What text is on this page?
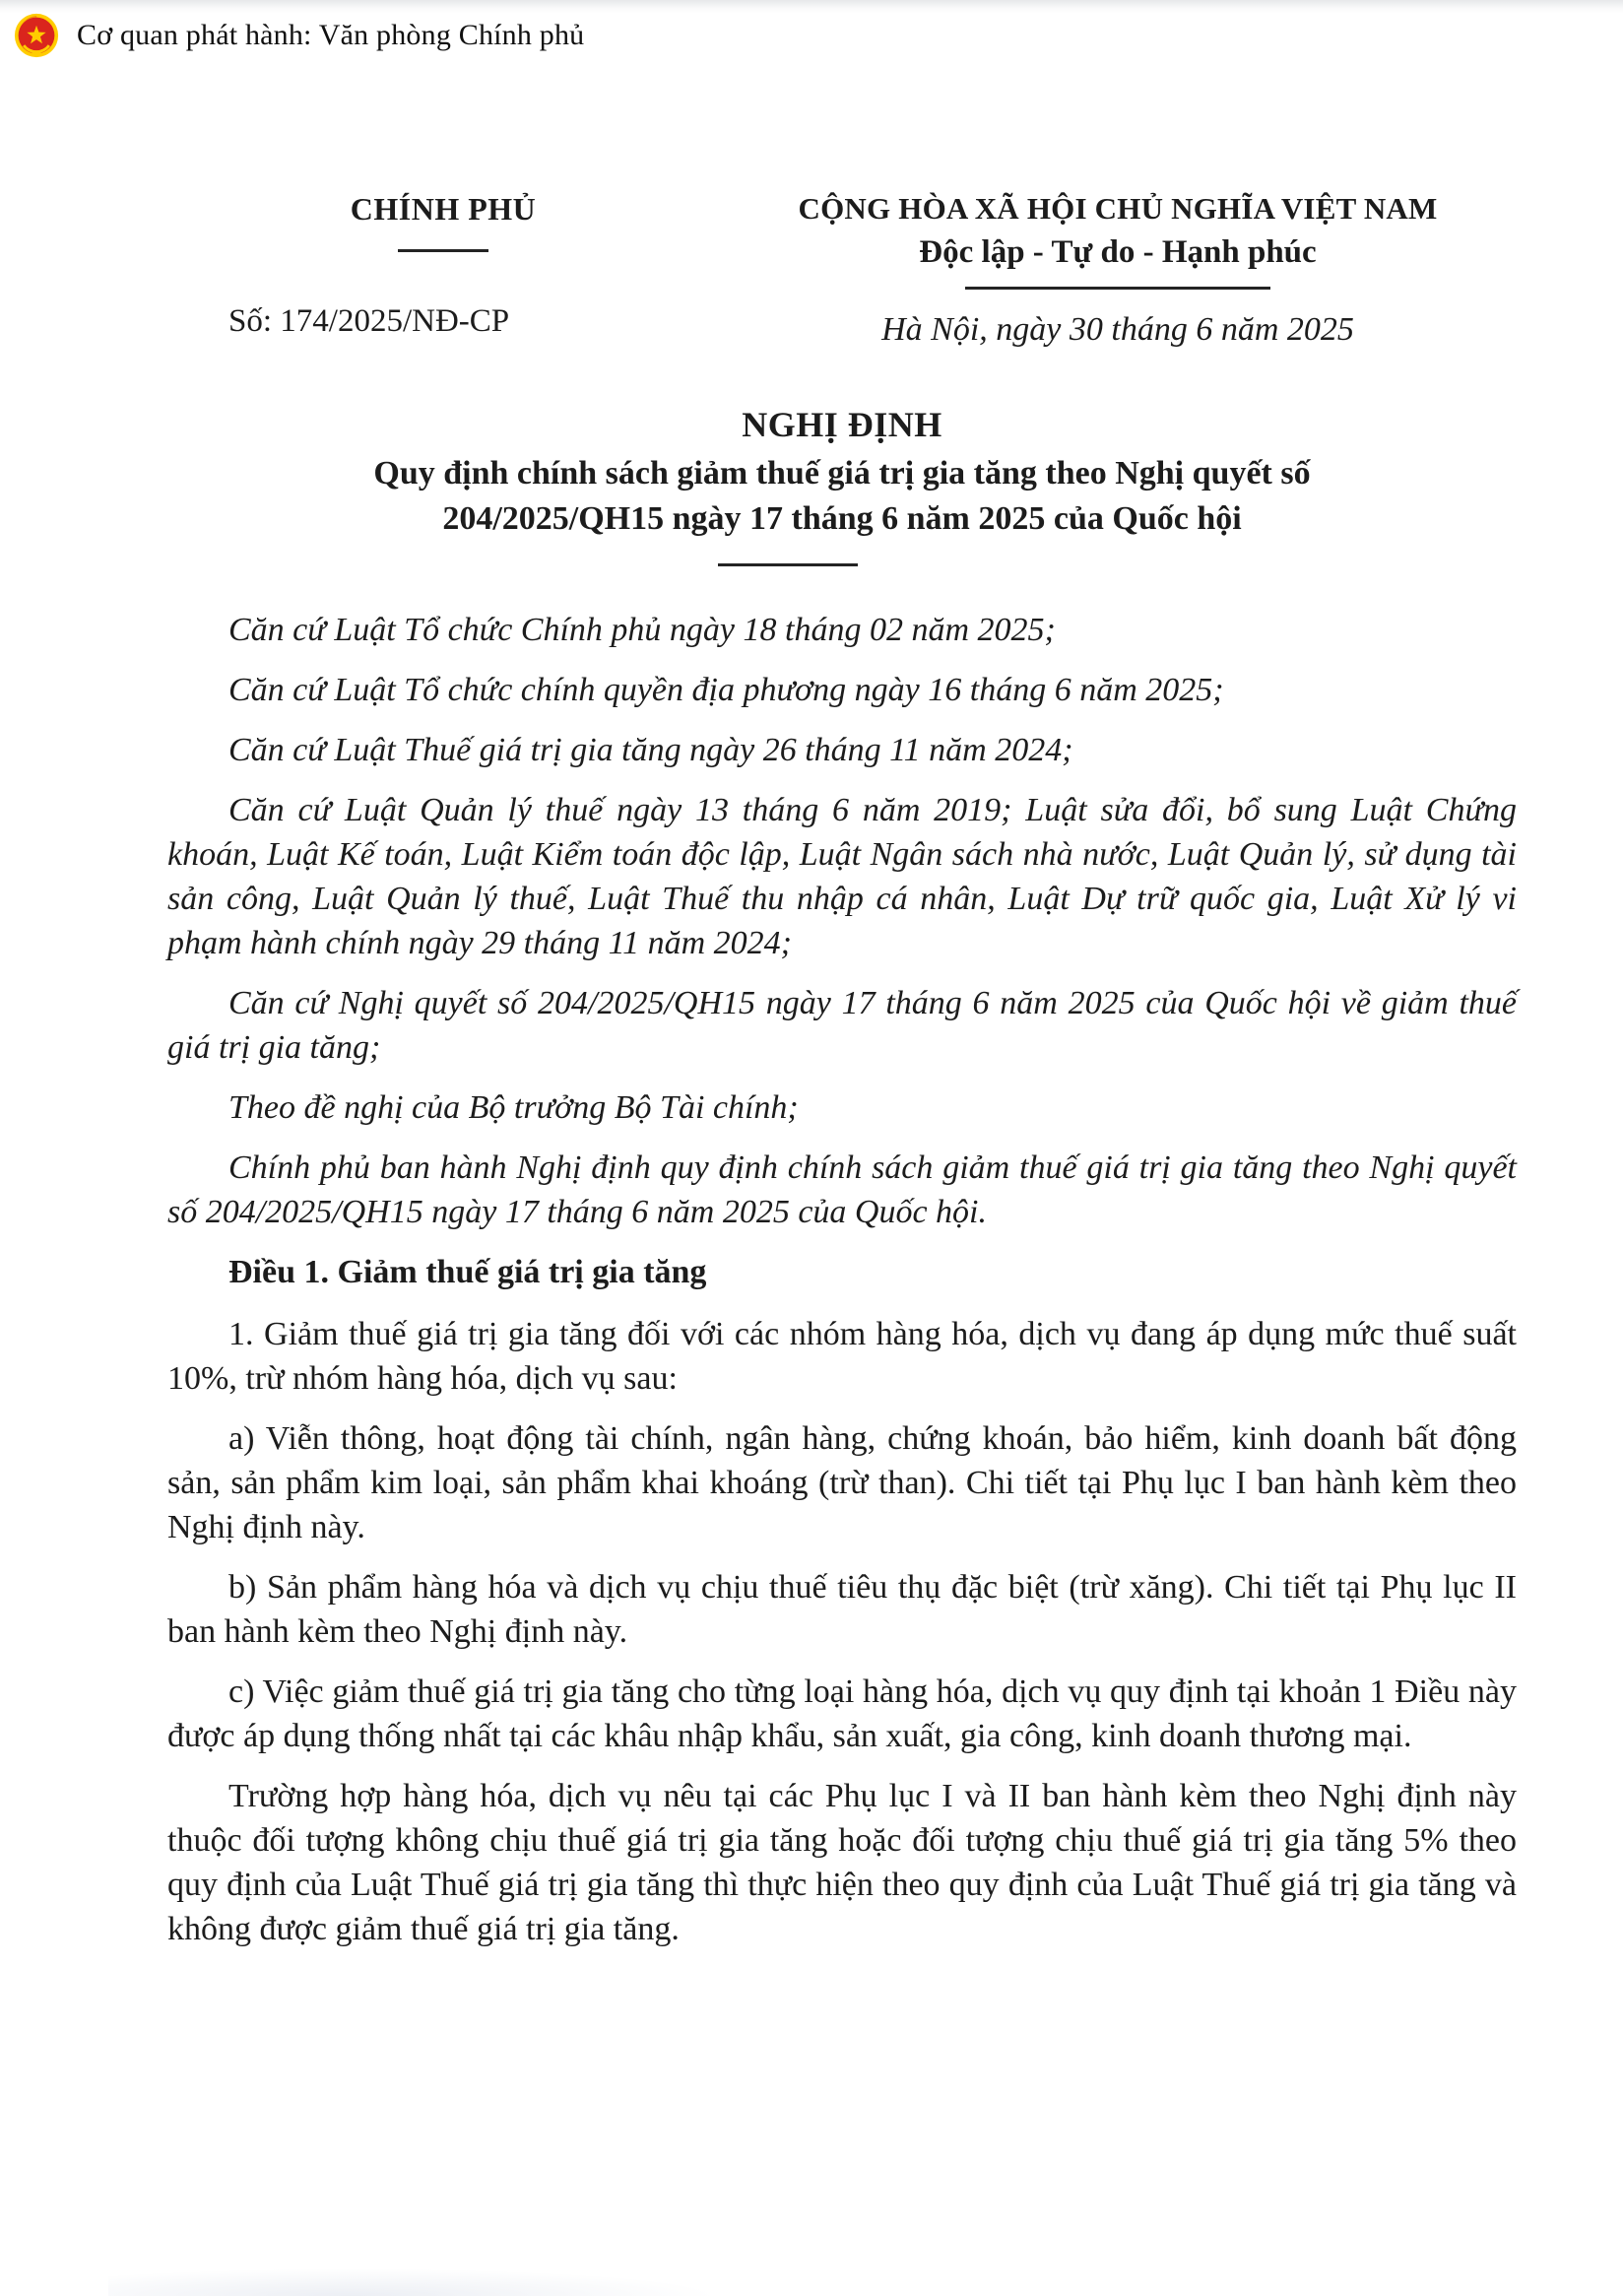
Cơ quan phát hành: Văn phòng Chính phủ
CHÍNH PHỦ
Số: 174/2025/NĐ-CP
CỘNG HÒA XÃ HỘI CHỦ NGHĨA VIỆT NAM
Độc lập - Tự do - Hạnh phúc
Hà Nội, ngày 30 tháng 6 năm 2025
NGHỊ ĐỊNH
Quy định chính sách giảm thuế giá trị gia tăng theo Nghị quyết số 204/2025/QH15 ngày 17 tháng 6 năm 2025 của Quốc hội

Căn cứ Luật Tổ chức Chính phủ ngày 18 tháng 02 năm 2025;

Căn cứ Luật Tổ chức chính quyền địa phương ngày 16 tháng 6 năm 2025;

Căn cứ Luật Thuế giá trị gia tăng ngày 26 tháng 11 năm 2024;

Căn cứ Luật Quản lý thuế ngày 13 tháng 6 năm 2019; Luật sửa đổi, bổ sung Luật Chứng khoán, Luật Kế toán, Luật Kiểm toán độc lập, Luật Ngân sách nhà nước, Luật Quản lý, sử dụng tài sản công, Luật Quản lý thuế, Luật Thuế thu nhập cá nhân, Luật Dự trữ quốc gia, Luật Xử lý vi phạm hành chính ngày 29 tháng 11 năm 2024;

Căn cứ Nghị quyết số 204/2025/QH15 ngày 17 tháng 6 năm 2025 của Quốc hội về giảm thuế giá trị gia tăng;

Theo đề nghị của Bộ trưởng Bộ Tài chính;

Chính phủ ban hành Nghị định quy định chính sách giảm thuế giá trị gia tăng theo Nghị quyết số 204/2025/QH15 ngày 17 tháng 6 năm 2025 của Quốc hội.

Điều 1. Giảm thuế giá trị gia tăng

1. Giảm thuế giá trị gia tăng đối với các nhóm hàng hóa, dịch vụ đang áp dụng mức thuế suất 10%, trừ nhóm hàng hóa, dịch vụ sau:

a) Viễn thông, hoạt động tài chính, ngân hàng, chứng khoán, bảo hiểm, kinh doanh bất động sản, sản phẩm kim loại, sản phẩm khai khoáng (trừ than). Chi tiết tại Phụ lục I ban hành kèm theo Nghị định này.

b) Sản phẩm hàng hóa và dịch vụ chịu thuế tiêu thụ đặc biệt (trừ xăng). Chi tiết tại Phụ lục II ban hành kèm theo Nghị định này.

c) Việc giảm thuế giá trị gia tăng cho từng loại hàng hóa, dịch vụ quy định tại khoản 1 Điều này được áp dụng thống nhất tại các khâu nhập khẩu, sản xuất, gia công, kinh doanh thương mại.

Trường hợp hàng hóa, dịch vụ nêu tại các Phụ lục I và II ban hành kèm theo Nghị định này thuộc đối tượng không chịu thuế giá trị gia tăng hoặc đối tượng chịu thuế giá trị gia tăng 5% theo quy định của Luật Thuế giá trị gia tăng thì thực hiện theo quy định của Luật Thuế giá trị gia tăng và không được giảm thuế giá trị gia tăng.
